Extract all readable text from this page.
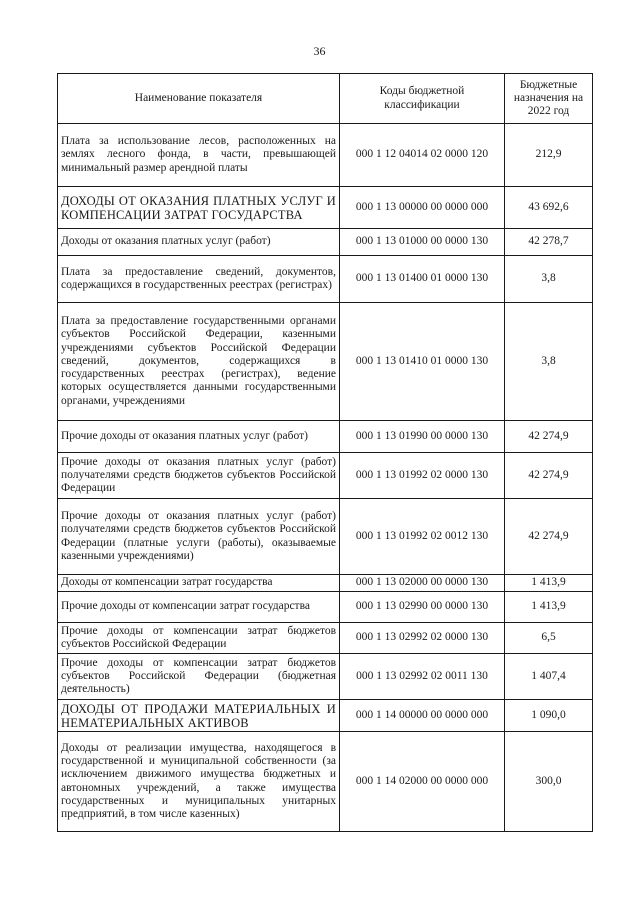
36
Наименование показателя	Коды бюджетной классификации	Бюджетные назначения на 2022 год
Плата за использование лесов, расположенных на землях лесного фонда, в части, превышающей минимальный размер арендной платы	000 1 12 04014 02 0000 120	212,9
ДОХОДЫ ОТ ОКАЗАНИЯ ПЛАТНЫХ УСЛУГ И КОМПЕНСАЦИИ ЗАТРАТ ГОСУДАРСТВА	000 1 13 00000 00 0000 000	43 692,6
Доходы от оказания платных услуг (работ)	000 1 13 01000 00 0000 130	42 278,7
Плата за предоставление сведений, документов, содержащихся в государственных реестрах (регистрах)	000 1 13 01400 01 0000 130	3,8
Плата за предоставление государственными органами субъектов Российской Федерации, казенными учреждениями субъектов Российской Федерации сведений, документов, содержащихся в государственных реестрах (регистрах), ведение которых осуществляется данными государственными органами, учреждениями	000 1 13 01410 01 0000 130	3,8
Прочие доходы от оказания платных услуг (работ)	000 1 13 01990 00 0000 130	42 274,9
Прочие доходы от оказания платных услуг (работ) получателями средств бюджетов субъектов Российской Федерации	000 1 13 01992 02 0000 130	42 274,9
Прочие доходы от оказания платных услуг (работ) получателями средств бюджетов субъектов Российской Федерации (платные услуги (работы), оказываемые казенными учреждениями)	000 1 13 01992 02 0012 130	42 274,9
Доходы от компенсации затрат государства	000 1 13 02000 00 0000 130	1 413,9
Прочие доходы от компенсации затрат государства	000 1 13 02990 00 0000 130	1 413,9
Прочие доходы от компенсации затрат бюджетов субъектов Российской Федерации	000 1 13 02992 02 0000 130	6,5
Прочие доходы от компенсации затрат бюджетов субъектов Российской Федерации (бюджетная деятельность)	000 1 13 02992 02 0011 130	1 407,4
ДОХОДЫ ОТ ПРОДАЖИ МАТЕРИАЛЬНЫХ И НЕМАТЕРИАЛЬНЫХ АКТИВОВ	000 1 14 00000 00 0000 000	1 090,0
Доходы от реализации имущества, находящегося в государственной и муниципальной собственности (за исключением движимого имущества бюджетных и автономных учреждений, а также имущества государственных и муниципальных унитарных предприятий, в том числе казенных)	000 1 14 02000 00 0000 000	300,0
